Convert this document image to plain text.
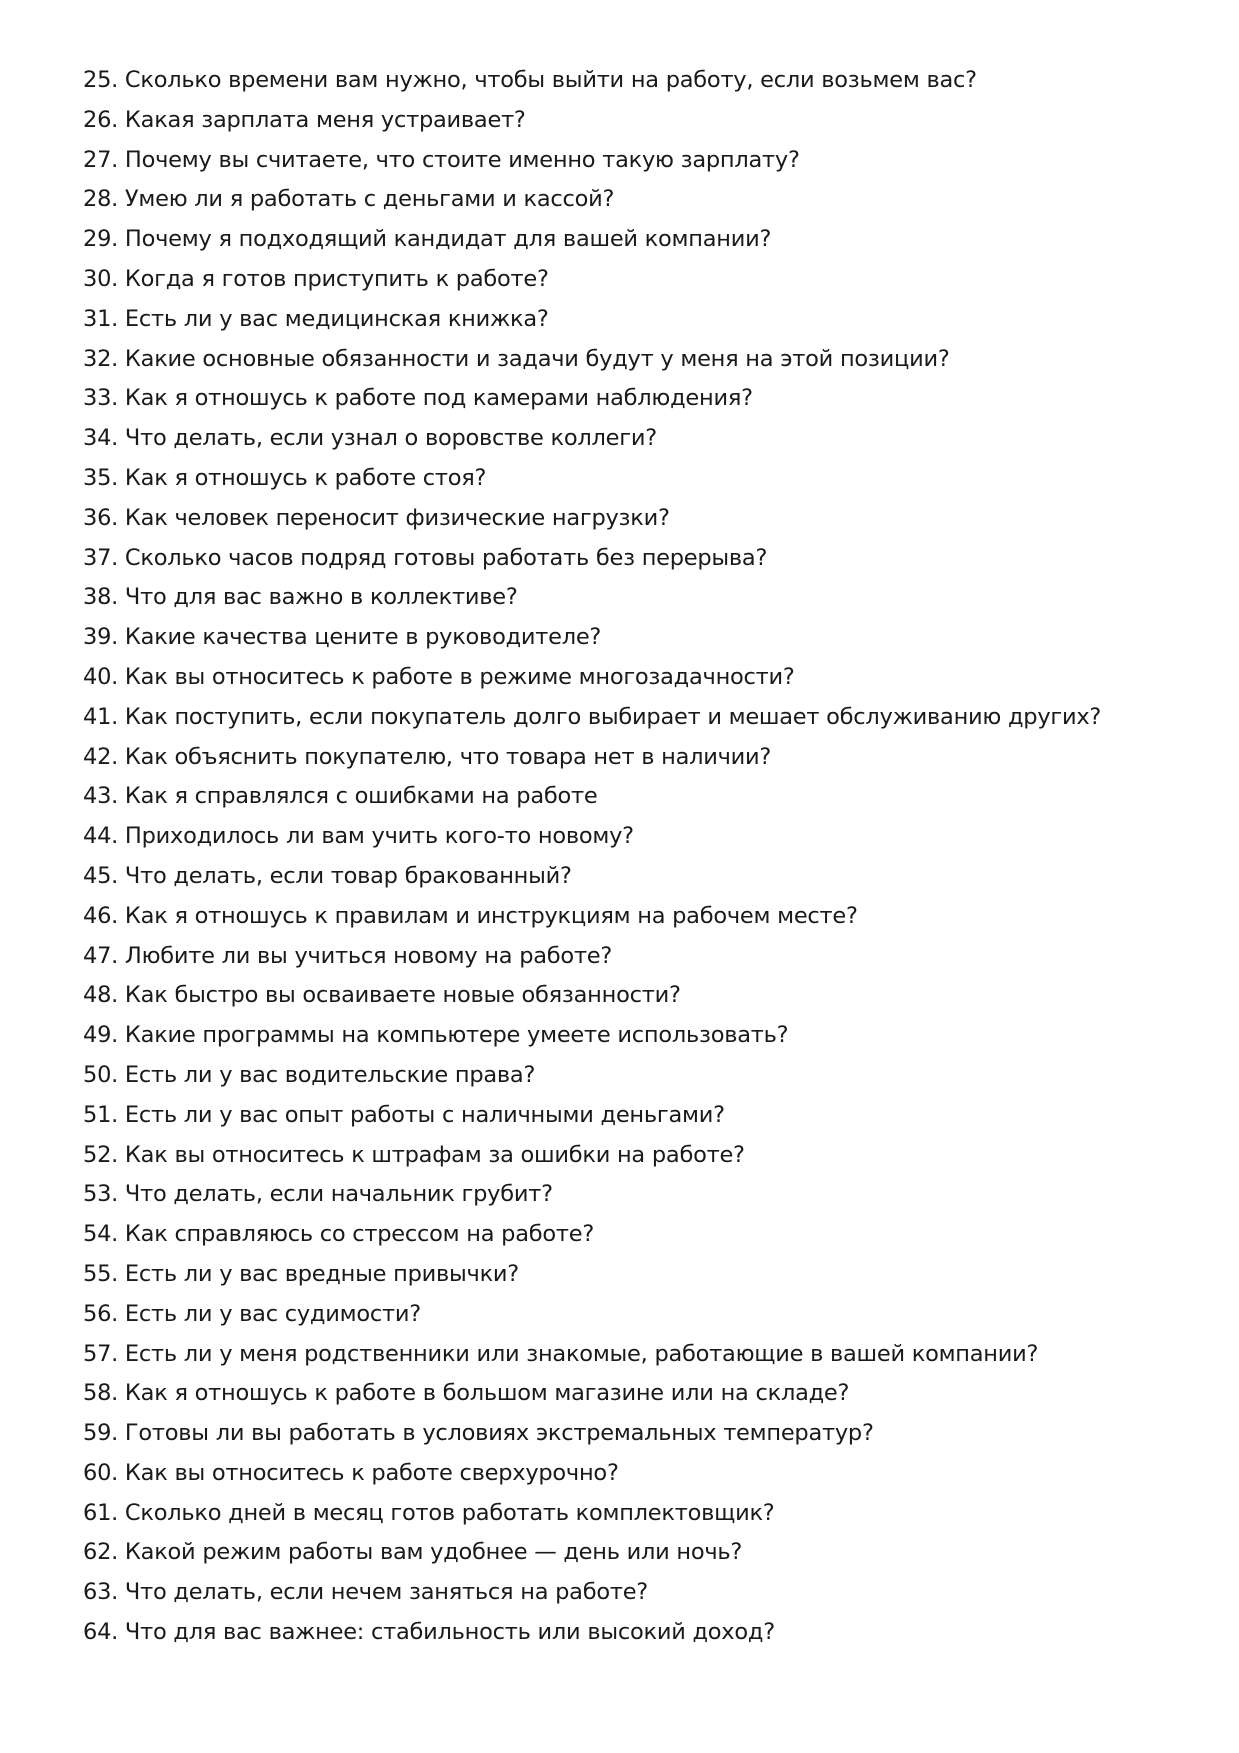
25. Сколько времени вам нужно, чтобы выйти на работу, если возьмем вас?
26. Какая зарплата меня устраивает?
27. Почему вы считаете, что стоите именно такую зарплату?
28. Умею ли я работать с деньгами и кассой?
29. Почему я подходящий кандидат для вашей компании?
30. Когда я готов приступить к работе?
31. Есть ли у вас медицинская книжка?
32. Какие основные обязанности и задачи будут у меня на этой позиции?
33. Как я отношусь к работе под камерами наблюдения?
34. Что делать, если узнал о воровстве коллеги?
35. Как я отношусь к работе стоя?
36. Как человек переносит физические нагрузки?
37. Сколько часов подряд готовы работать без перерыва?
38. Что для вас важно в коллективе?
39. Какие качества цените в руководителе?
40. Как вы относитесь к работе в режиме многозадачности?
41. Как поступить, если покупатель долго выбирает и мешает обслуживанию других?
42. Как объяснить покупателю, что товара нет в наличии?
43. Как я справлялся с ошибками на работе
44. Приходилось ли вам учить кого-то новому?
45. Что делать, если товар бракованный?
46. Как я отношусь к правилам и инструкциям на рабочем месте?
47. Любите ли вы учиться новому на работе?
48. Как быстро вы осваиваете новые обязанности?
49. Какие программы на компьютере умеете использовать?
50. Есть ли у вас водительские права?
51. Есть ли у вас опыт работы с наличными деньгами?
52. Как вы относитесь к штрафам за ошибки на работе?
53. Что делать, если начальник грубит?
54. Как справляюсь со стрессом на работе?
55. Есть ли у вас вредные привычки?
56. Есть ли у вас судимости?
57. Есть ли у меня родственники или знакомые, работающие в вашей компании?
58. Как я отношусь к работе в большом магазине или на складе?
59. Готовы ли вы работать в условиях экстремальных температур?
60. Как вы относитесь к работе сверхурочно?
61. Сколько дней в месяц готов работать комплектовщик?
62. Какой режим работы вам удобнее — день или ночь?
63. Что делать, если нечем заняться на работе?
64. Что для вас важнее: стабильность или высокий доход?
